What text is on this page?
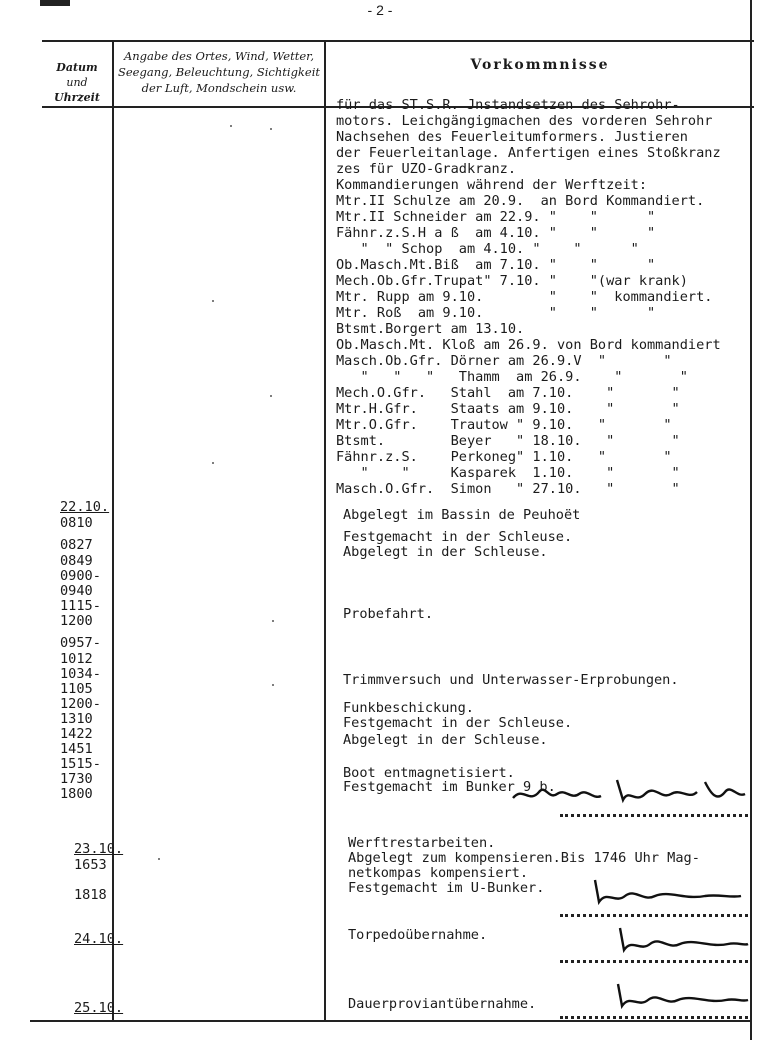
- 2 -
Datum
und
Uhrzeit
Angabe des Ortes, Wind, Wetter,
Seegang, Beleuchtung, Sichtigkeit
der Luft, Mondschein usw.
Vorkommnisse
für das ST.S.R. Jnstandsetzen des Sehrohr-
motors. Leichgängigmachen des vorderen Sehrohr
Nachsehen des Feuerleitumformers. Justieren
der Feuerleitanlage. Anfertigen eines Stoßkranz
zes für UZO-Gradkranz.
Kommandierungen während der Werftzeit:
Mtr.II Schulze am 20.9.  an Bord Kommandiert.
Mtr.II Schneider am 22.9. "    "      "
Fähnr.z.S.H a ß  am 4.10. "    "      "
"  " Schop  am 4.10. "    "      "
Ob.Masch.Mt.Biß  am 7.10. "    "      "
Mech.Ob.Gfr.Trupat" 7.10. "    "(war krank)
Mtr. Rupp am 9.10.        "    "  kommandiert.
Mtr. Roß  am 9.10.        "    "      "
Btsmt.Borgert am 13.10.
Ob.Masch.Mt. Kloß am 26.9. von Bord kommandiert
Masch.Ob.Gfr. Dörner am 26.9.V  "       "
"   "   "   Thamm  am 26.9.    "       "
Mech.O.Gfr.   Stahl  am 7.10.    "       "
Mtr.H.Gfr.    Staats am 9.10.    "       "
Mtr.O.Gfr.    Trautow " 9.10.   "       "
Btsmt.        Beyer   " 18.10.   "       "
Fähnr.z.S.    Perkoneg" 1.10.   "       "
"    "     Kasparek  1.10.    "       "
Masch.O.Gfr.  Simon   " 27.10.   "       "
22.10.
0810
0827
0849
0900-
0940
1115-
1200
0957-
1012
1034-
1105
1200-
1310
1422
1451
1515-
1730
1800
23.10.
1653
1818
24.10.
25.10.
Abgelegt im Bassin de Peuhoët
Festgemacht in der Schleuse.
Abgelegt in der Schleuse.
Probefahrt.
Trimmversuch und Unterwasser-Erprobungen.
Funkbeschickung.
Festgemacht in der Schleuse.
Abgelegt in der Schleuse.
Boot entmagnetisiert.
Festgemacht im Bunker 9 b.
Werftrestarbeiten.
Abgelegt zum kompensieren.Bis 1746 Uhr Mag-
netkompas kompensiert.
Festgemacht im U-Bunker.
Torpedoübernahme.
Dauerproviantübernahme.
